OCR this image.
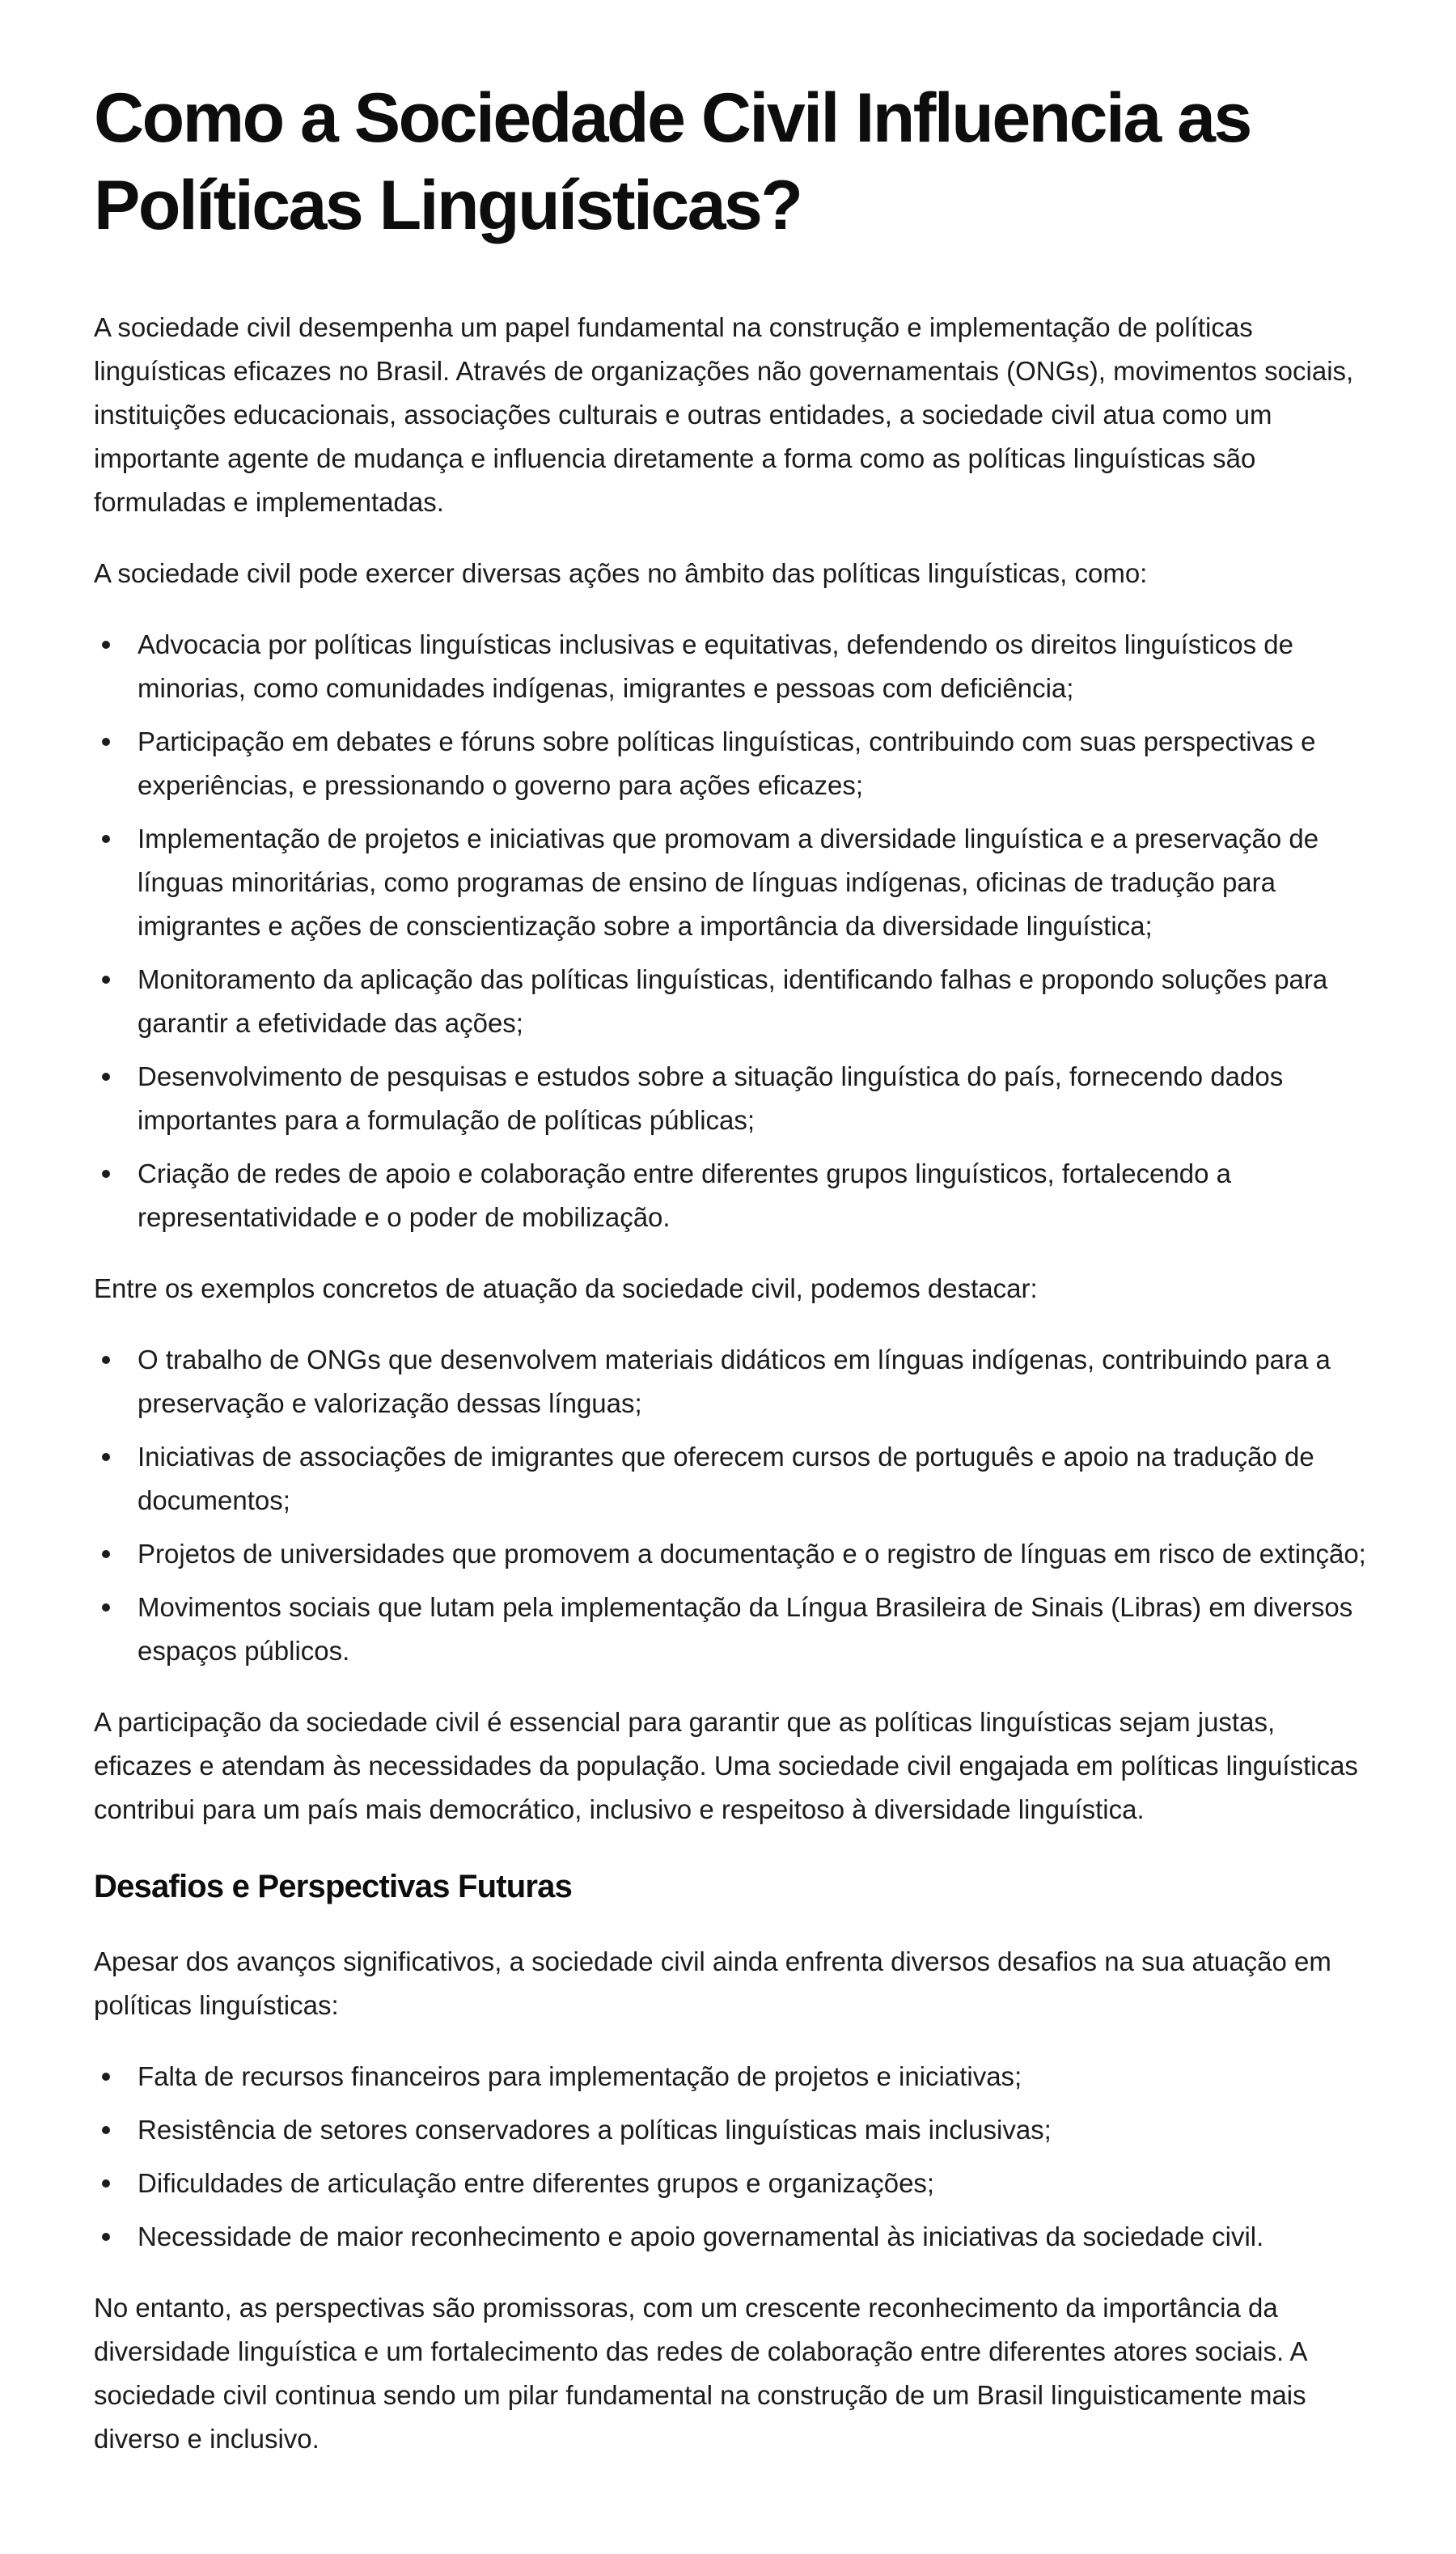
Como a Sociedade Civil Influencia as Políticas Linguísticas?

A sociedade civil desempenha um papel fundamental na construção e implementação de políticas linguísticas eficazes no Brasil. Através de organizações não governamentais (ONGs), movimentos sociais, instituições educacionais, associações culturais e outras entidades, a sociedade civil atua como um importante agente de mudança e influencia diretamente a forma como as políticas linguísticas são formuladas e implementadas.

A sociedade civil pode exercer diversas ações no âmbito das políticas linguísticas, como:

Advocacia por políticas linguísticas inclusivas e equitativas, defendendo os direitos linguísticos de minorias, como comunidades indígenas, imigrantes e pessoas com deficiência;
Participação em debates e fóruns sobre políticas linguísticas, contribuindo com suas perspectivas e experiências, e pressionando o governo para ações eficazes;
Implementação de projetos e iniciativas que promovam a diversidade linguística e a preservação de línguas minoritárias, como programas de ensino de línguas indígenas, oficinas de tradução para imigrantes e ações de conscientização sobre a importância da diversidade linguística;
Monitoramento da aplicação das políticas linguísticas, identificando falhas e propondo soluções para garantir a efetividade das ações;
Desenvolvimento de pesquisas e estudos sobre a situação linguística do país, fornecendo dados importantes para a formulação de políticas públicas;
Criação de redes de apoio e colaboração entre diferentes grupos linguísticos, fortalecendo a representatividade e o poder de mobilização.

Entre os exemplos concretos de atuação da sociedade civil, podemos destacar:

O trabalho de ONGs que desenvolvem materiais didáticos em línguas indígenas, contribuindo para a preservação e valorização dessas línguas;
Iniciativas de associações de imigrantes que oferecem cursos de português e apoio na tradução de documentos;
Projetos de universidades que promovem a documentação e o registro de línguas em risco de extinção;
Movimentos sociais que lutam pela implementação da Língua Brasileira de Sinais (Libras) em diversos espaços públicos.

A participação da sociedade civil é essencial para garantir que as políticas linguísticas sejam justas, eficazes e atendam às necessidades da população. Uma sociedade civil engajada em políticas linguísticas contribui para um país mais democrático, inclusivo e respeitoso à diversidade linguística.

Desafios e Perspectivas Futuras

Apesar dos avanços significativos, a sociedade civil ainda enfrenta diversos desafios na sua atuação em políticas linguísticas:

Falta de recursos financeiros para implementação de projetos e iniciativas;
Resistência de setores conservadores a políticas linguísticas mais inclusivas;
Dificuldades de articulação entre diferentes grupos e organizações;
Necessidade de maior reconhecimento e apoio governamental às iniciativas da sociedade civil.

No entanto, as perspectivas são promissoras, com um crescente reconhecimento da importância da diversidade linguística e um fortalecimento das redes de colaboração entre diferentes atores sociais. A sociedade civil continua sendo um pilar fundamental na construção de um Brasil linguisticamente mais diverso e inclusivo.
